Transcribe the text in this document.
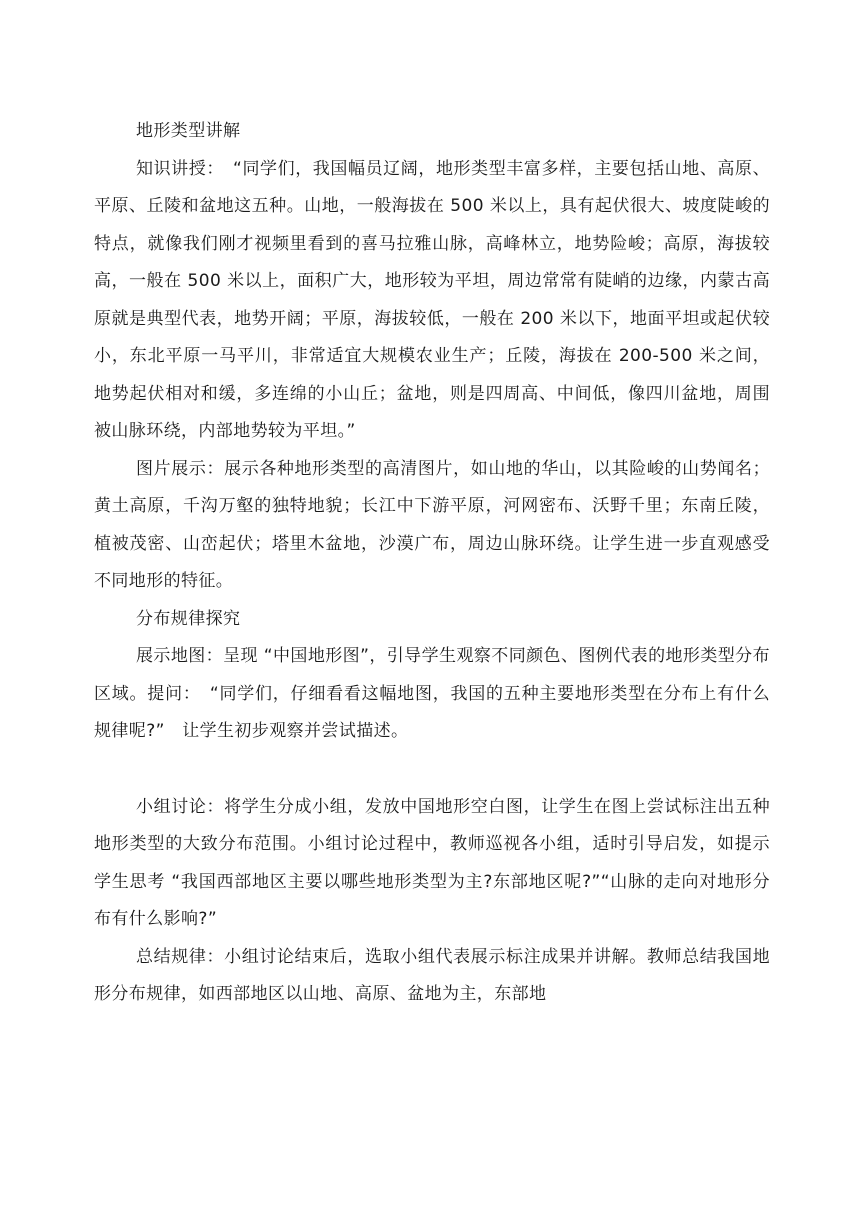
地形类型讲解

知识讲授：　“同学们，我国幅员辽阔，地形类型丰富多样，主要包括山地、高原、平原、丘陵和盆地这五种。山地，一般海拔在 500 米以上，具有起伏很大、坡度陡峻的特点，就像我们刚才视频里看到的喜马拉雅山脉，高峰林立，地势险峻；高原，海拔较高，一般在 500 米以上，面积广大，地形较为平坦，周边常常有陡峭的边缘，内蒙古高原就是典型代表，地势开阔；平原，海拔较低，一般在 200 米以下，地面平坦或起伏较小，东北平原一马平川，非常适宜大规模农业生产；丘陵，海拔在 200-500 米之间，地势起伏相对和缓，多连绵的小山丘；盆地，则是四周高、中间低，像四川盆地，周围被山脉环绕，内部地势较为平坦。”

图片展示：展示各种地形类型的高清图片，如山地的华山，以其险峻的山势闻名；黄土高原，千沟万壑的独特地貌；长江中下游平原，河网密布、沃野千里；东南丘陵，植被茂密、山峦起伏；塔里木盆地，沙漠广布，周边山脉环绕。让学生进一步直观感受不同地形的特征。

分布规律探究

展示地图：呈现 “中国地形图”，引导学生观察不同颜色、图例代表的地形类型分布区域。提问：　“同学们，仔细看看这幅地图，我国的五种主要地形类型在分布上有什么规律呢?”　让学生初步观察并尝试描述。

小组讨论：将学生分成小组，发放中国地形空白图，让学生在图上尝试标注出五种地形类型的大致分布范围。小组讨论过程中，教师巡视各小组，适时引导启发，如提示学生思考 “我国西部地区主要以哪些地形类型为主?东部地区呢?”“山脉的走向对地形分布有什么影响?”

总结规律：小组讨论结束后，选取小组代表展示标注成果并讲解。教师总结我国地形分布规律，如西部地区以山地、高原、盆地为主，东部地
